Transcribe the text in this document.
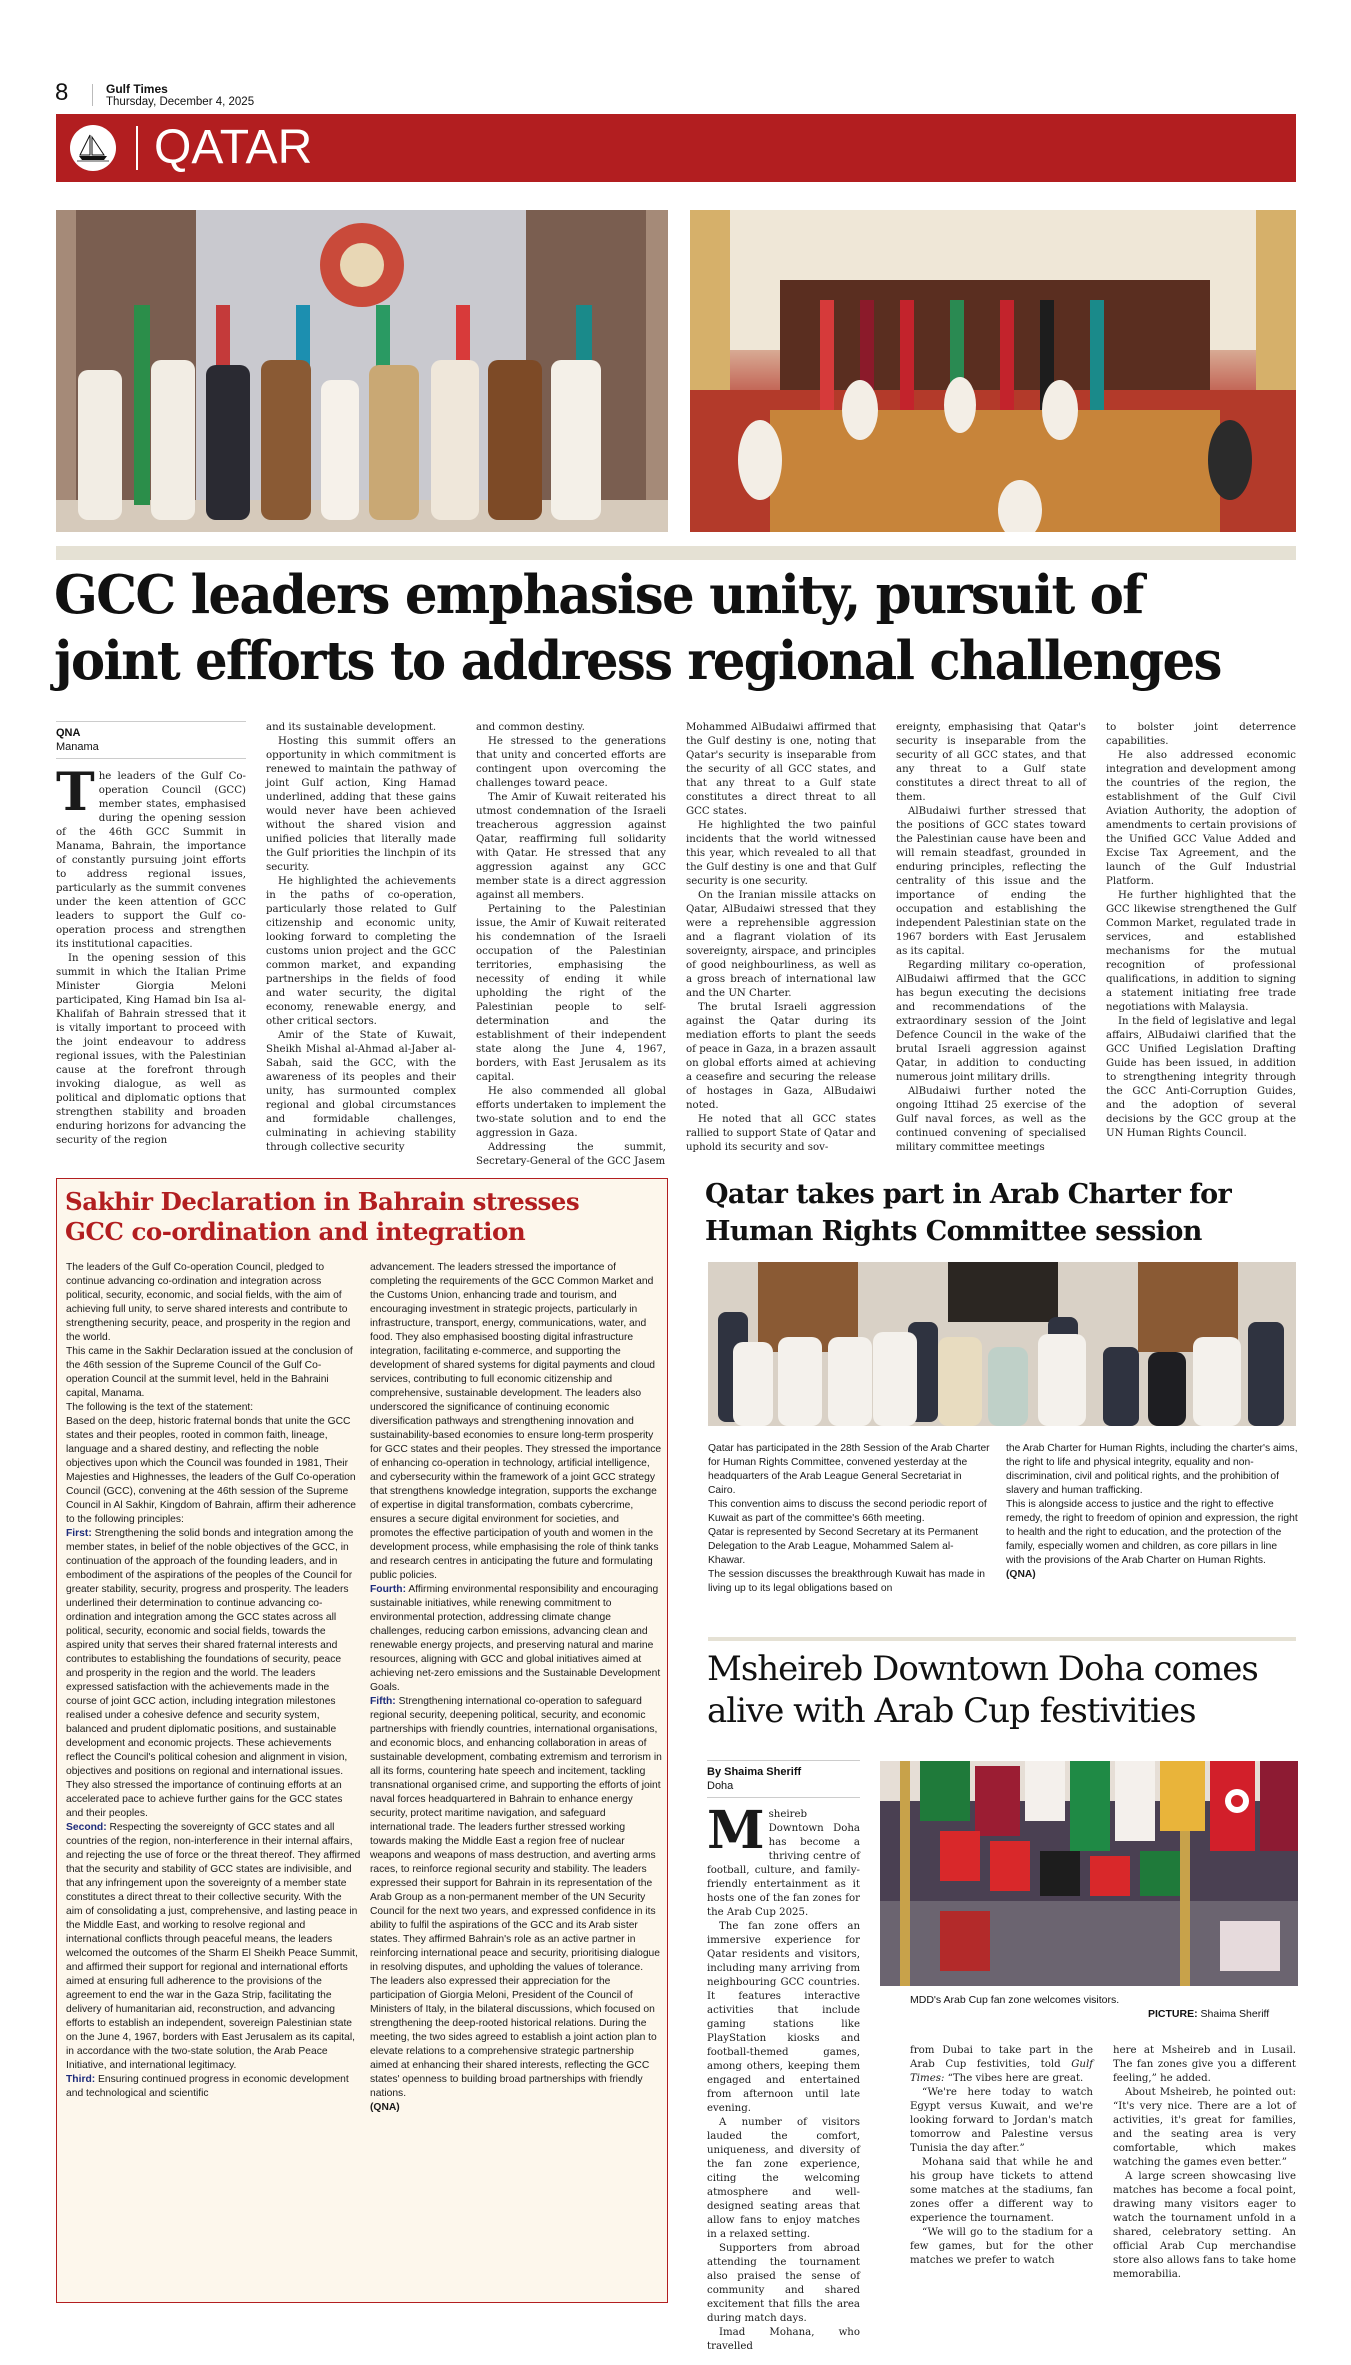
8	Gulf Times
Thursday, December 4, 2025
QATAR
GCC leaders emphasise unity, pursuit of
joint efforts to address regional challenges
QNA
Manama

The leaders of the Gulf Co-operation Council (GCC) member states, emphasised during the opening session of the 46th GCC Summit in Manama, Bahrain, the importance of constantly pursuing joint efforts to address regional issues, particularly as the summit convenes under the keen attention of GCC leaders to support the Gulf co-operation process and strengthen its institutional capacities.

In the opening session of this summit in which the Italian Prime Minister Giorgia Meloni participated, King Hamad bin Isa al-Khalifah of Bahrain stressed that it is vitally important to proceed with the joint endeavour to address regional issues, with the Palestinian cause at the forefront through invoking dialogue, as well as political and diplomatic options that strengthen stability and broaden enduring horizons for advancing the security of the region

and its sustainable development.

Hosting this summit offers an opportunity in which commitment is renewed to maintain the pathway of joint Gulf action, King Hamad underlined, adding that these gains would never have been achieved without the shared vision and unified policies that literally made the Gulf priorities the linchpin of its security.

He highlighted the achievements in the paths of co-operation, particularly those related to Gulf citizenship and economic unity, looking forward to completing the customs union project and the GCC common market, and expanding partnerships in the fields of food and water security, the digital economy, renewable energy, and other critical sectors.

Amir of the State of Kuwait, Sheikh Mishal al-Ahmad al-Jaber al-Sabah, said the GCC, with the awareness of its peoples and their unity, has surmounted complex regional and global circumstances and formidable challenges, culminating in achieving stability through collective security

and common destiny.

He stressed to the generations that unity and concerted efforts are contingent upon overcoming the challenges toward peace.

The Amir of Kuwait reiterated his utmost condemnation of the Israeli treacherous aggression against Qatar, reaffirming full solidarity with Qatar. He stressed that any aggression against any GCC member state is a direct aggression against all members.

Pertaining to the Palestinian issue, the Amir of Kuwait reiterated his condemnation of the Israeli occupation of the Palestinian territories, emphasising the necessity of ending it while upholding the right of the Palestinian people to self-determination and the establishment of their independent state along the June 4, 1967, borders, with East Jerusalem as its capital.

He also commended all global efforts undertaken to implement the two-state solution and to end the aggression in Gaza.

Addressing the summit, Secretary-General of the GCC Jasem

Mohammed AlBudaiwi affirmed that the Gulf destiny is one, noting that Qatar's security is inseparable from the security of all GCC states, and that any threat to a Gulf state constitutes a direct threat to all GCC states.

He highlighted the two painful incidents that the world witnessed this year, which revealed to all that the Gulf destiny is one and that Gulf security is one security.

On the Iranian missile attacks on Qatar, AlBudaiwi stressed that they were a reprehensible aggression and a flagrant violation of its sovereignty, airspace, and principles of good neighbourliness, as well as a gross breach of international law and the UN Charter.

The brutal Israeli aggression against the Qatar during its mediation efforts to plant the seeds of peace in Gaza, in a brazen assault on global efforts aimed at achieving a ceasefire and securing the release of hostages in Gaza, AlBudaiwi noted.

He noted that all GCC states rallied to support State of Qatar and uphold its security and sov-

ereignty, emphasising that Qatar's security is inseparable from the security of all GCC states, and that any threat to a Gulf state constitutes a direct threat to all of them.

AlBudaiwi further stressed that the positions of GCC states toward the Palestinian cause have been and will remain steadfast, grounded in enduring principles, reflecting the centrality of this issue and the importance of ending the occupation and establishing the independent Palestinian state on the 1967 borders with East Jerusalem as its capital.

Regarding military co-operation, AlBudaiwi affirmed that the GCC has begun executing the decisions and recommendations of the extraordinary session of the Joint Defence Council in the wake of the brutal Israeli aggression against Qatar, in addition to conducting numerous joint military drills.

AlBudaiwi further noted the ongoing Ittihad 25 exercise of the Gulf naval forces, as well as the continued convening of specialised military committee meetings

to bolster joint deterrence capabilities.

He also addressed economic integration and development among the countries of the region, the establishment of the Gulf Civil Aviation Authority, the adoption of amendments to certain provisions of the Unified GCC Value Added and Excise Tax Agreement, and the launch of the Gulf Industrial Platform.

He further highlighted that the GCC likewise strengthened the Gulf Common Market, regulated trade in services, and established mechanisms for the mutual recognition of professional qualifications, in addition to signing a statement initiating free trade negotiations with Malaysia.

In the field of legislative and legal affairs, AlBudaiwi clarified that the GCC Unified Legislation Drafting Guide has been issued, in addition to strengthening integrity through the GCC Anti-Corruption Guides, and the adoption of several decisions by the GCC group at the UN Human Rights Council.

Sakhir Declaration in Bahrain stresses
GCC co-ordination and integration

The leaders of the Gulf Co-operation Council, pledged to continue advancing co-ordination and integration across political, security, economic, and social fields, with the aim of achieving full unity, to serve shared interests and contribute to strengthening security, peace, and prosperity in the region and the world.

This came in the Sakhir Declaration issued at the conclusion of the 46th session of the Supreme Council of the Gulf Co-operation Council at the summit level, held in the Bahraini capital, Manama.

The following is the text of the statement:

Based on the deep, historic fraternal bonds that unite the GCC states and their peoples, rooted in common faith, lineage, language and a shared destiny, and reflecting the noble objectives upon which the Council was founded in 1981, Their Majesties and Highnesses, the leaders of the Gulf Co-operation Council (GCC), convening at the 46th session of the Supreme Council in Al Sakhir, Kingdom of Bahrain, affirm their adherence to the following principles:

First: Strengthening the solid bonds and integration among the member states, in belief of the noble objectives of the GCC, in continuation of the approach of the founding leaders, and in embodiment of the aspirations of the peoples of the Council for greater stability, security, progress and prosperity. The leaders underlined their determination to continue advancing co-ordination and integration among the GCC states across all political, security, economic and social fields, towards the aspired unity that serves their shared fraternal interests and contributes to establishing the foundations of security, peace and prosperity in the region and the world. The leaders expressed satisfaction with the achievements made in the course of joint GCC action, including integration milestones realised under a cohesive defence and security system, balanced and prudent diplomatic positions, and sustainable development and economic projects. These achievements reflect the Council's political cohesion and alignment in vision, objectives and positions on regional and international issues. They also stressed the importance of continuing efforts at an accelerated pace to achieve further gains for the GCC states and their peoples.

Second: Respecting the sovereignty of GCC states and all countries of the region, non-interference in their internal affairs, and rejecting the use of force or the threat thereof. They affirmed that the security and stability of GCC states are indivisible, and that any infringement upon the sovereignty of a member state constitutes a direct threat to their collective security. With the aim of consolidating a just, comprehensive, and lasting peace in the Middle East, and working to resolve regional and international conflicts through peaceful means, the leaders welcomed the outcomes of the Sharm El Sheikh Peace Summit, and affirmed their support for regional and international efforts aimed at ensuring full adherence to the provisions of the agreement to end the war in the Gaza Strip, facilitating the delivery of humanitarian aid, reconstruction, and advancing efforts to establish an independent, sovereign Palestinian state on the June 4, 1967, borders with East Jerusalem as its capital, in accordance with the two-state solution, the Arab Peace Initiative, and international legitimacy.

Third: Ensuring continued progress in economic development and technological and scientific

advancement. The leaders stressed the importance of completing the requirements of the GCC Common Market and the Customs Union, enhancing trade and tourism, and encouraging investment in strategic projects, particularly in infrastructure, transport, energy, communications, water, and food. They also emphasised boosting digital infrastructure integration, facilitating e-commerce, and supporting the development of shared systems for digital payments and cloud services, contributing to full economic citizenship and comprehensive, sustainable development. The leaders also underscored the significance of continuing economic diversification pathways and strengthening innovation and sustainability-based economies to ensure long-term prosperity for GCC states and their peoples. They stressed the importance of enhancing co-operation in technology, artificial intelligence, and cybersecurity within the framework of a joint GCC strategy that strengthens knowledge integration, supports the exchange of expertise in digital transformation, combats cybercrime, ensures a secure digital environment for societies, and promotes the effective participation of youth and women in the development process, while emphasising the role of think tanks and research centres in anticipating the future and formulating public policies.

Fourth: Affirming environmental responsibility and encouraging sustainable initiatives, while renewing commitment to environmental protection, addressing climate change challenges, reducing carbon emissions, advancing clean and renewable energy projects, and preserving natural and marine resources, aligning with GCC and global initiatives aimed at achieving net-zero emissions and the Sustainable Development Goals.

Fifth: Strengthening international co-operation to safeguard regional security, deepening political, security, and economic partnerships with friendly countries, international organisations, and economic blocs, and enhancing collaboration in areas of sustainable development, combating extremism and terrorism in all its forms, countering hate speech and incitement, tackling transnational organised crime, and supporting the efforts of joint naval forces headquartered in Bahrain to enhance energy security, protect maritime navigation, and safeguard international trade. The leaders further stressed working towards making the Middle East a region free of nuclear weapons and weapons of mass destruction, and averting arms races, to reinforce regional security and stability. The leaders expressed their support for Bahrain in its representation of the Arab Group as a non-permanent member of the UN Security Council for the next two years, and expressed confidence in its ability to fulfil the aspirations of the GCC and its Arab sister states. They affirmed Bahrain's role as an active partner in reinforcing international peace and security, prioritising dialogue in resolving disputes, and upholding the values of tolerance. The leaders also expressed their appreciation for the participation of Giorgia Meloni, President of the Council of Ministers of Italy, in the bilateral discussions, which focused on strengthening the deep-rooted historical relations. During the meeting, the two sides agreed to establish a joint action plan to elevate relations to a comprehensive strategic partnership aimed at enhancing their shared interests, reflecting the GCC states' openness to building broad partnerships with friendly nations.

(QNA)

Qatar takes part in Arab Charter for
Human Rights Committee session

Qatar has participated in the 28th Session of the Arab Charter for Human Rights Committee, convened yesterday at the headquarters of the Arab League General Secretariat in Cairo.

This convention aims to discuss the second periodic report of Kuwait as part of the committee's 66th meeting.

Qatar is represented by Second Secretary at its Permanent Delegation to the Arab League, Mohammed Salem al-Khawar.

The session discusses the breakthrough Kuwait has made in living up to its legal obligations based on

the Arab Charter for Human Rights, including the charter's aims, the right to life and physical integrity, equality and non-discrimination, civil and political rights, and the prohibition of slavery and human trafficking.

This is alongside access to justice and the right to effective remedy, the right to freedom of opinion and expression, the right to health and the right to education, and the protection of the family, especially women and children, as core pillars in line with the provisions of the Arab Charter on Human Rights. (QNA)

Msheireb Downtown Doha comes
alive with Arab Cup festivities
By Shaima Sheriff
Doha

Msheireb Downtown Doha has become a thriving centre of football, culture, and family-friendly entertainment as it hosts one of the fan zones for the Arab Cup 2025.

The fan zone offers an immersive experience for Qatar residents and visitors, including many arriving from neighbouring GCC countries. It features interactive activities that include gaming stations like PlayStation kiosks and football-themed games, among others, keeping them engaged and entertained from afternoon until late evening.

A number of visitors lauded the comfort, uniqueness, and diversity of the fan zone experience, citing the welcoming atmosphere and well-designed seating areas that allow fans to enjoy matches in a relaxed setting.

Supporters from abroad attending the tournament also praised the sense of community and shared excitement that fills the area during match days.

Imad Mohana, who travelled

MDD's Arab Cup fan zone welcomes visitors.
PICTURE: Shaima Sheriff

from Dubai to take part in the Arab Cup festivities, told Gulf Times: “The vibes here are great.

“We're here today to watch Egypt versus Kuwait, and we're looking forward to Jordan's match tomorrow and Palestine versus Tunisia the day after.”

Mohana said that while he and his group have tickets to attend some matches at the stadiums, fan zones offer a different way to experience the tournament.

“We will go to the stadium for a few games, but for the other matches we prefer to watch

here at Msheireb and in Lusail. The fan zones give you a different feeling,” he added.

About Msheireb, he pointed out: “It's very nice. There are a lot of activities, it's great for families, and the seating area is very comfortable, which makes watching the games even better.”

A large screen showcasing live matches has become a focal point, drawing many visitors eager to watch the tournament unfold in a shared, celebratory setting. An official Arab Cup merchandise store also allows fans to take home memorabilia.
